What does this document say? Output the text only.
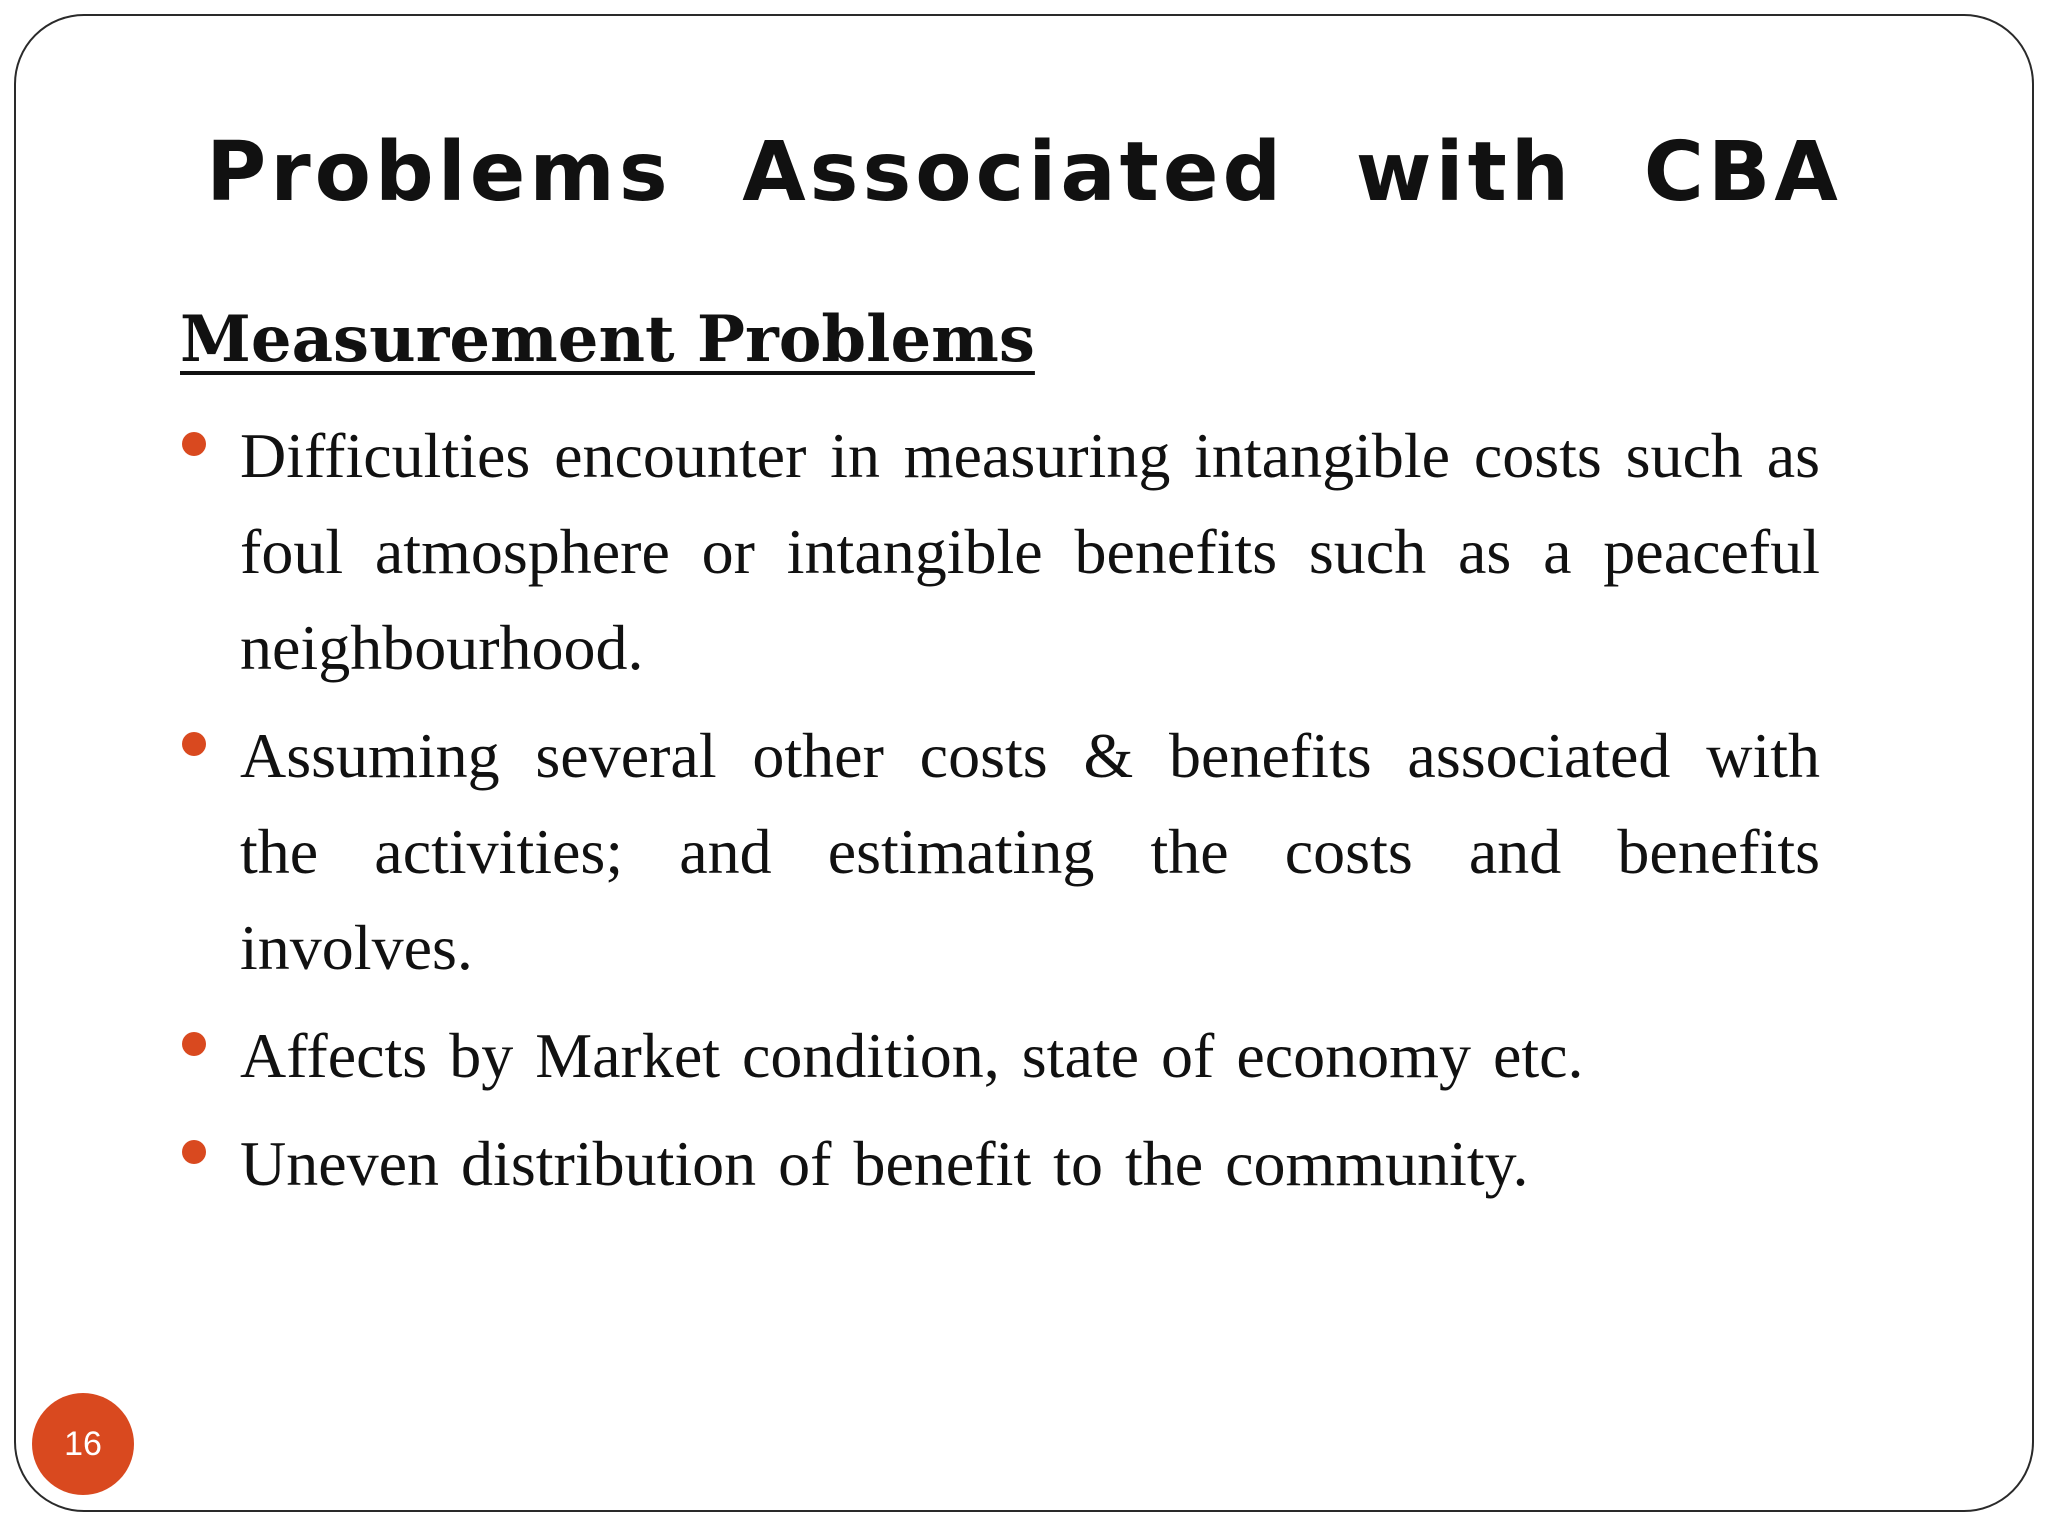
Problems Associated with CBA
Measurement Problems
Difficulties encounter in measuring intangible costs such as foul atmosphere or intangible benefits such as a peaceful neighbourhood.
Assuming several other costs & benefits associated with the activities; and estimating the costs and benefits involves.
Affects by Market condition, state of economy etc.
Uneven distribution of benefit to the community.
16
